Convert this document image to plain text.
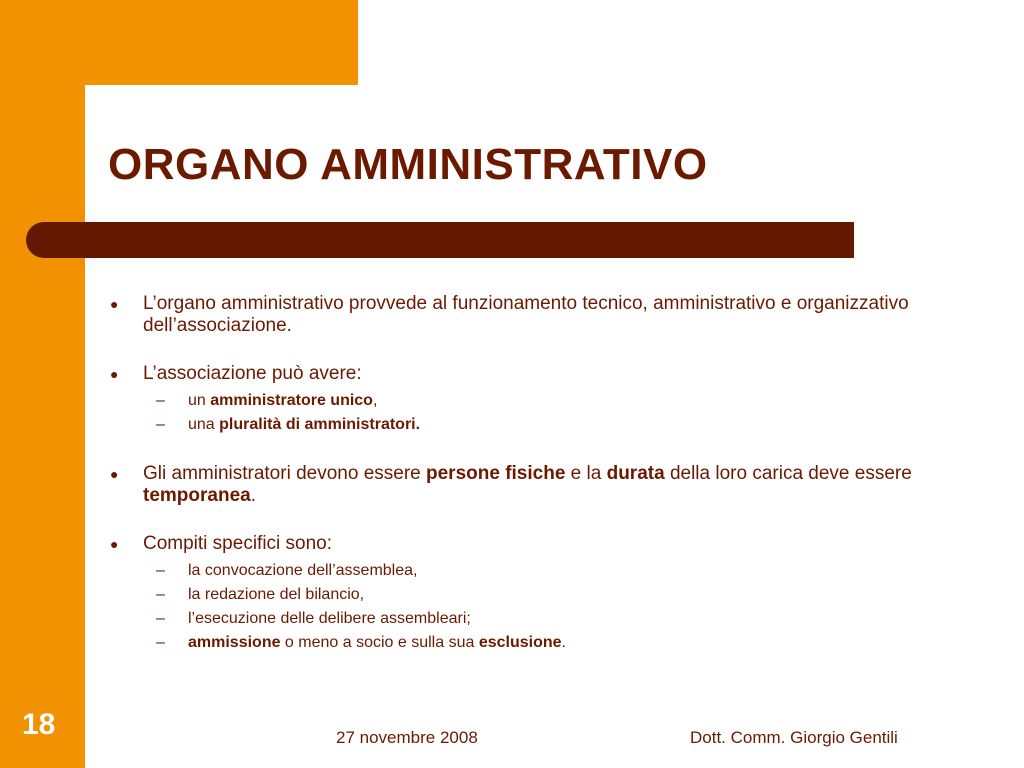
ORGANO AMMINISTRATIVO
●	L’organo amministrativo provvede al funzionamento tecnico, amministrativo e organizzativo dell’associazione.
●	L’associazione può avere:
–	un amministratore unico,
–	una pluralità di amministratori.
●	Gli amministratori devono essere persone fisiche e la durata della loro carica deve essere temporanea.
●	Compiti specifici sono:
–	la convocazione dell’assemblea,
–	la redazione del bilancio,
–	l’esecuzione delle delibere assembleari;
–	ammissione o meno a socio e sulla sua esclusione.
18	27 novembre 2008	Dott. Comm. Giorgio Gentili
